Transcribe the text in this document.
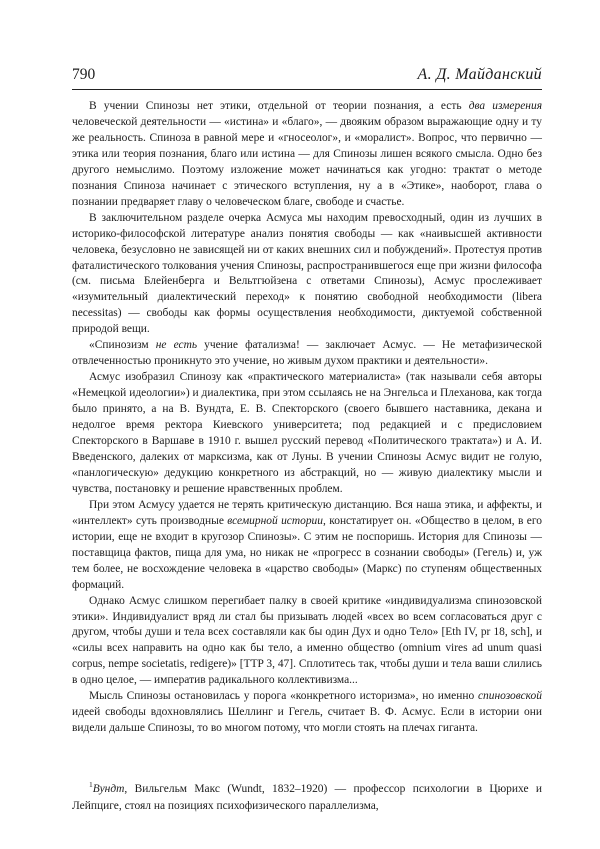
790	А. Д. Майданский

В учении Спинозы нет этики, отдельной от теории познания, а есть два измерения человеческой деятельности — «истина» и «благо», — двояким образом выражающие одну и ту же реальность. Спиноза в равной мере и «гносеолог», и «моралист». Вопрос, что первично — этика или теория познания, благо или истина — для Спинозы лишен всякого смысла. Одно без другого немыслимо. Поэтому изложение может начинаться как угодно: трактат о методе познания Спиноза начинает с этического вступления, ну а в «Этике», наоборот, глава о познании предваряет главу о человеческом благе, свободе и счастье.

В заключительном разделе очерка Асмуса мы находим превосходный, один из лучших в историко-философской литературе анализ понятия свободы — как «наивысшей активности человека, безусловно не зависящей ни от каких внешних сил и побуждений». Протестуя против фаталистического толкования учения Спинозы, распространившегося еще при жизни философа (см. письма Блейенберга и Вельтгюйзена с ответами Спинозы), Асмус прослеживает «изумительный диалектический переход» к понятию свободной необходимости (libera necessitas) — свободы как формы осуществления необходимости, диктуемой собственной природой вещи.

«Спинозизм не есть учение фатализма! — заключает Асмус. — Не метафизической отвлеченностью проникнуто это учение, но живым духом практики и деятельности».

Асмус изобразил Спинозу как «практического материалиста» (так называли себя авторы «Немецкой идеологии») и диалектика, при этом ссылаясь не на Энгельса и Плеханова, как тогда было принято, а на В. Вундта, Е. В. Спекторского (своего бывшего наставника, декана и недолгое время ректора Киевского университета; под редакцией и с предисловием Спекторского в Варшаве в 1910 г. вышел русский перевод «Политического трактата») и А. И. Введенского, далеких от марксизма, как от Луны. В учении Спинозы Асмус видит не голую, «панлогическую» дедукцию конкретного из абстракций, но — живую диалектику мысли и чувства, постановку и решение нравственных проблем.

При этом Асмусу удается не терять критическую дистанцию. Вся наша этика, и аффекты, и «интеллект» суть производные всемирной истории, констатирует он. «Общество в целом, в его истории, еще не входит в кругозор Спинозы». С этим не поспоришь. История для Спинозы — поставщица фактов, пища для ума, но никак не «прогресс в сознании свободы» (Гегель) и, уж тем более, не восхождение человека в «царство свободы» (Маркс) по ступеням общественных формаций.

Однако Асмус слишком перегибает палку в своей критике «индивидуализма спинозовской этики». Индивидуалист вряд ли стал бы призывать людей «всех во всем согласоваться друг с другом, чтобы души и тела всех составляли как бы один Дух и одно Тело» [Eth IV, pr 18, sch], и «силы всех направить на одно как бы тело, а именно общество (omnium vires ad unum quasi corpus, nempe societatis, redigere)» [TTP 3, 47]. Сплотитесь так, чтобы души и тела ваши слились в одно целое, — императив радикального коллективизма...

Мысль Спинозы остановилась у порога «конкретного историзма», но именно спинозовской идеей свободы вдохновлялись Шеллинг и Гегель, считает В. Ф. Асмус. Если в истории они видели дальше Спинозы, то во многом потому, что могли стоять на плечах гиганта.

$^1$Вундт, Вильгельм Макс (Wundt, 1832–1920) — профессор психологии в Цюрихе и Лейпциге, стоял на позициях психофизического параллелизма,
